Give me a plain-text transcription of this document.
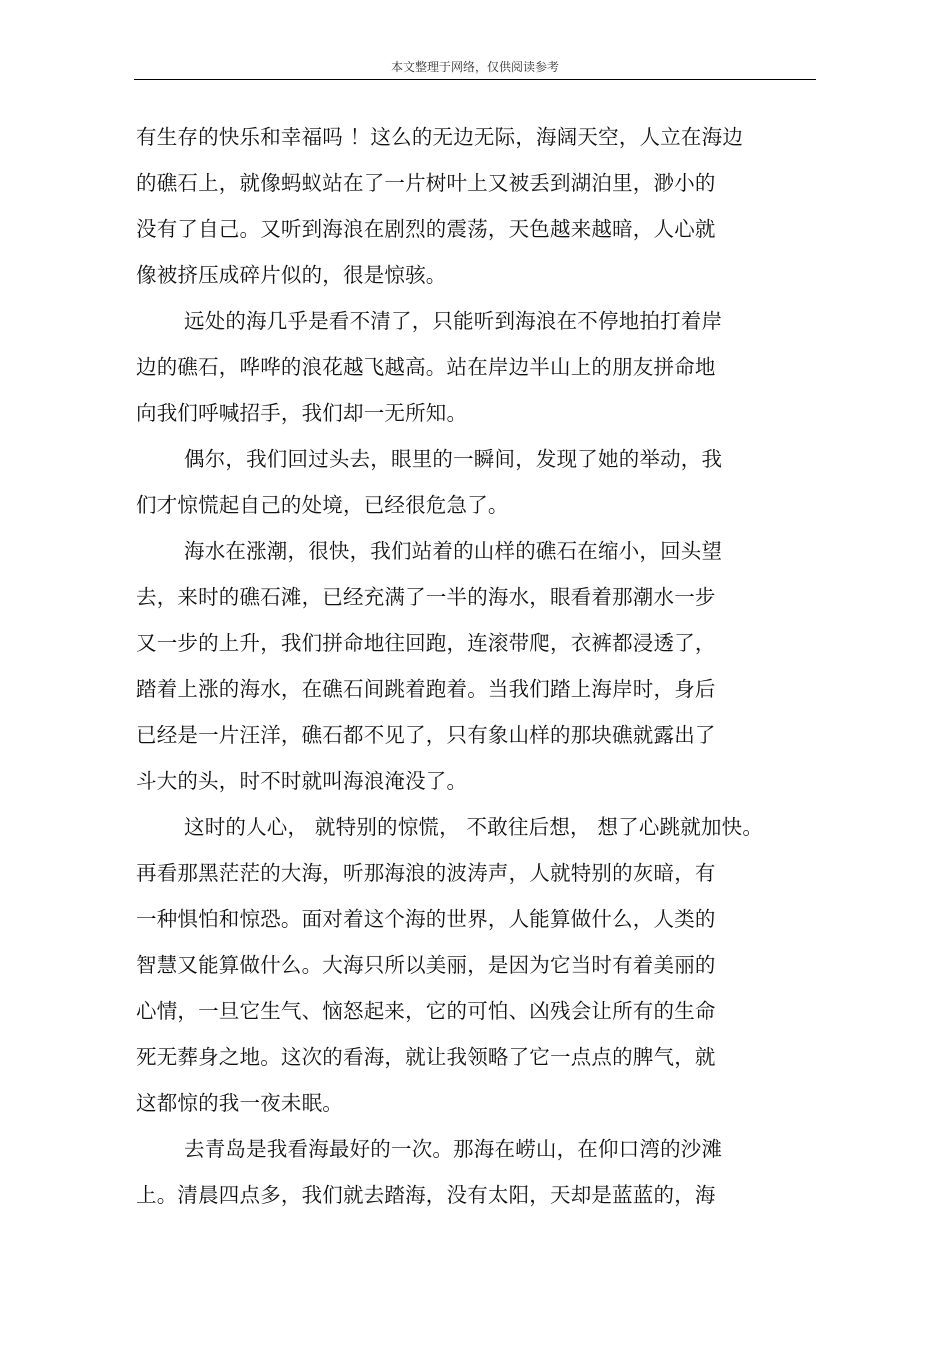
本文整理于网络，仅供阅读参考
有生存的快乐和幸福吗 ！这么的无边无际，海阔天空，人立在海边
的礁石上，就像蚂蚁站在了一片树叶上又被丢到湖泊里，渺小的
没有了自己。又听到海浪在剧烈的震荡，天色越来越暗，人心就
像被挤压成碎片似的，很是惊骇。
远处的海几乎是看不清了，只能听到海浪在不停地拍打着岸
边的礁石，哗哗的浪花越飞越高。站在岸边半山上的朋友拼命地
向我们呼喊招手，我们却一无所知。
偶尔，我们回过头去，眼里的一瞬间，发现了她的举动，我
们才惊慌起自己的处境，已经很危急了。
海水在涨潮，很快，我们站着的山样的礁石在缩小，回头望
去，来时的礁石滩，已经充满了一半的海水，眼看着那潮水一步
又一步的上升，我们拼命地往回跑，连滚带爬，衣裤都浸透了，
踏着上涨的海水，在礁石间跳着跑着。当我们踏上海岸时，身后
已经是一片汪洋，礁石都不见了，只有象山样的那块礁就露出了
斗大的头，时不时就叫海浪淹没了。
这时的人心， 就特别的惊慌， 不敢往后想， 想了心跳就加快。
再看那黑茫茫的大海，听那海浪的波涛声，人就特别的灰暗，有
一种惧怕和惊恐。面对着这个海的世界，人能算做什么，人类的
智慧又能算做什么。大海只所以美丽，是因为它当时有着美丽的
心情，一旦它生气、恼怒起来，它的可怕、凶残会让所有的生命
死无葬身之地。这次的看海，就让我领略了它一点点的脾气，就
这都惊的我一夜未眠。
去青岛是我看海最好的一次。那海在崂山，在仰口湾的沙滩
上。清晨四点多，我们就去踏海，没有太阳，天却是蓝蓝的，海
